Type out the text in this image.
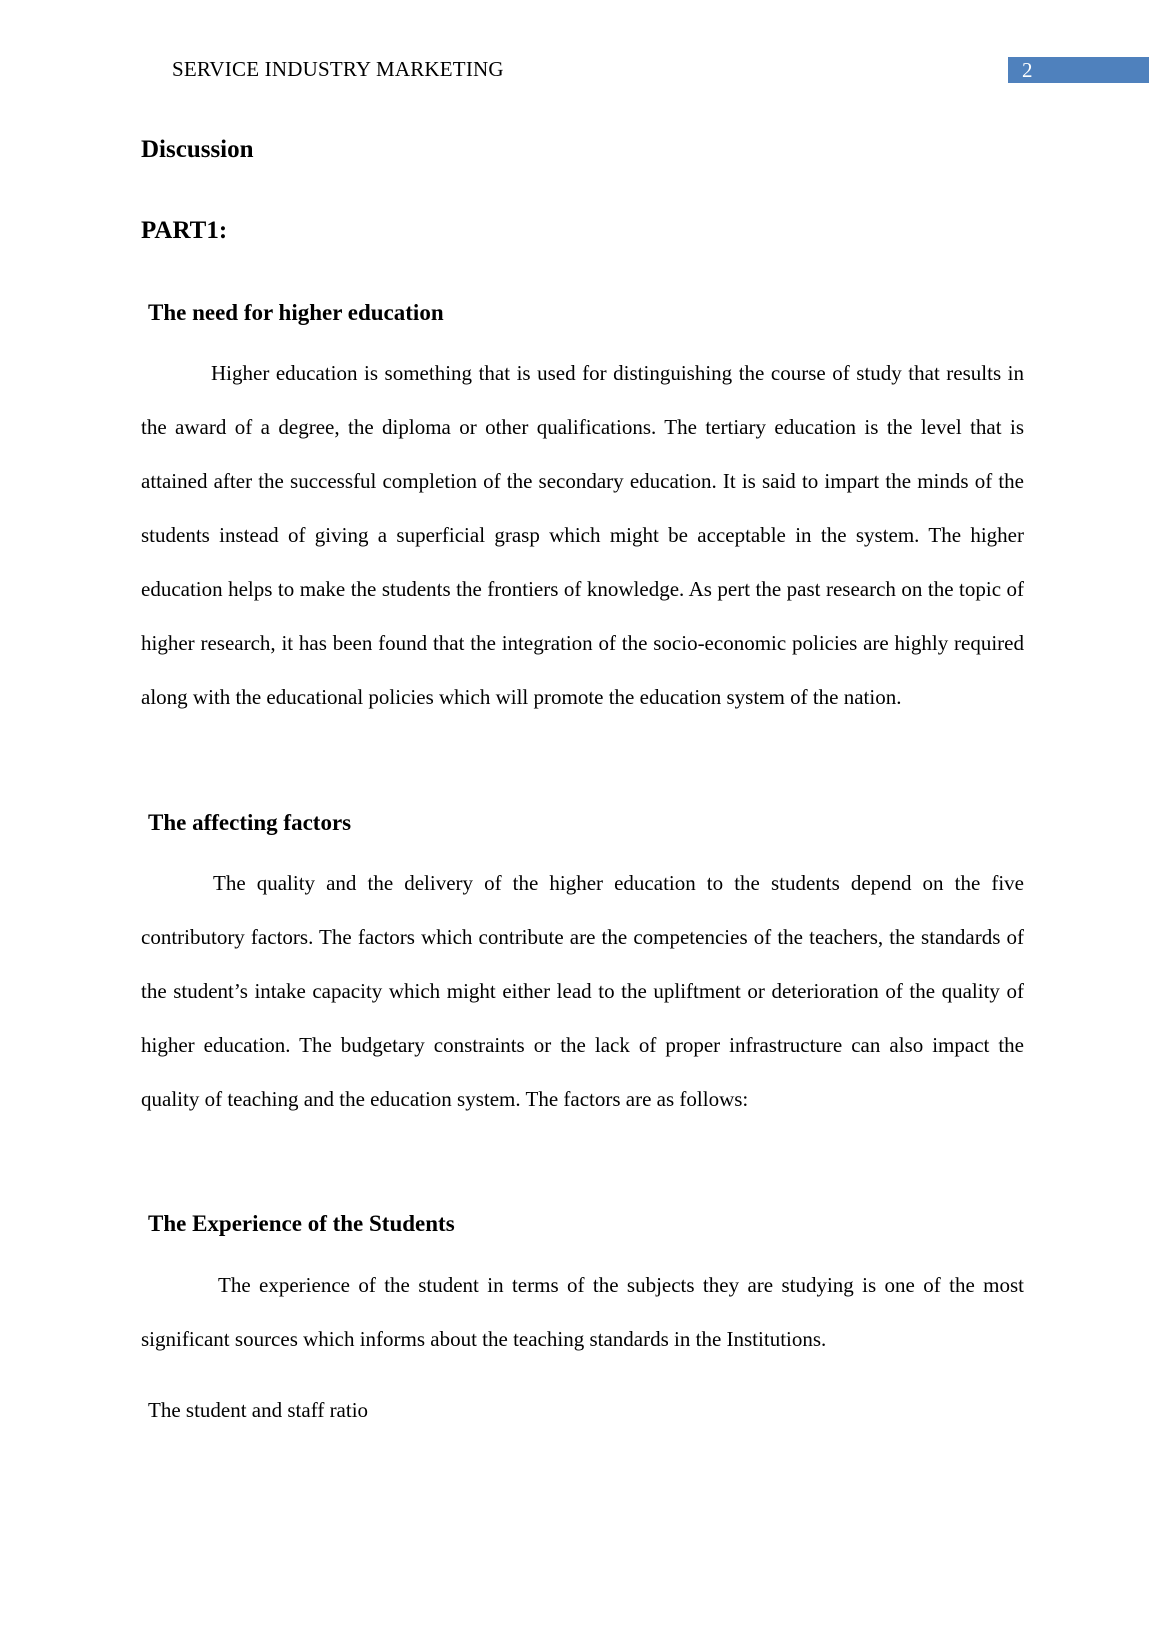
SERVICE INDUSTRY MARKETING	2
Discussion
PART1:
The need for higher education

Higher education is something that is used for distinguishing the course of study that results in the award of a degree, the diploma or other qualifications. The tertiary education is the level that is attained after the successful completion of the secondary education. It is said to impart the minds of the students instead of giving a superficial grasp which might be acceptable in the system. The higher education helps to make the students the frontiers of knowledge. As pert the past research on the topic of higher research, it has been found that the integration of the socio-economic policies are highly required along with the educational policies which will promote the education system of the nation.

The affecting factors

The quality and the delivery of the higher education to the students depend on the five contributory factors. The factors which contribute are the competencies of the teachers, the standards of the student’s intake capacity which might either lead to the upliftment or deterioration of the quality of higher education. The budgetary constraints or the lack of proper infrastructure can also impact the quality of teaching and the education system. The factors are as follows:

The Experience of the Students

The experience of the student in terms of the subjects they are studying is one of the most significant sources which informs about the teaching standards in the Institutions.

The student and staff ratio
